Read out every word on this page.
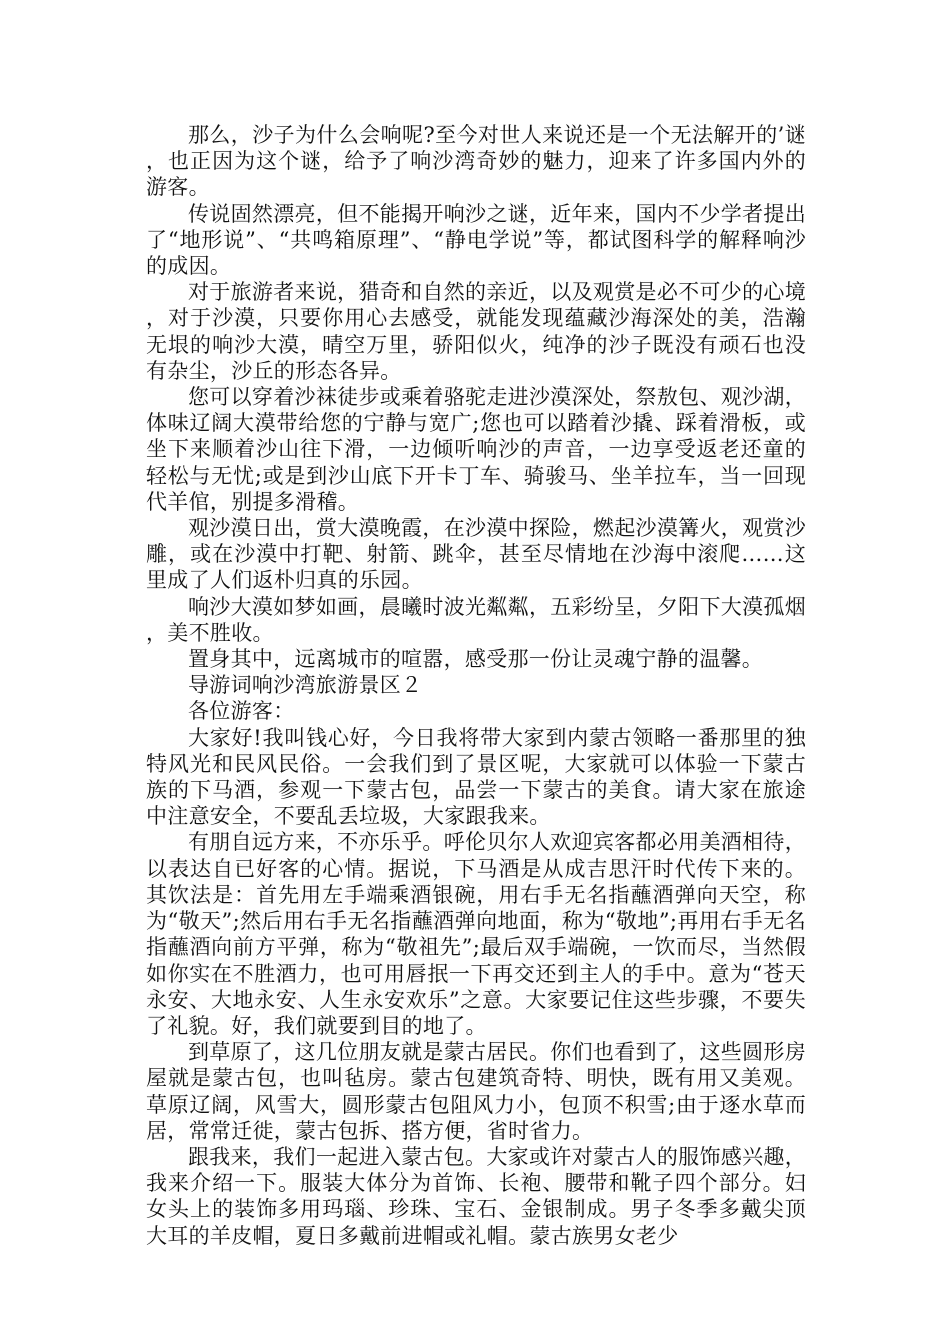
那么，沙子为什么会响呢?至今对世人来说还是一个无法解开的’谜，也正因为这个谜，给予了响沙湾奇妙的魅力，迎来了许多国内外的游客。

传说固然漂亮，但不能揭开响沙之谜，近年来，国内不少学者提出了“地形说”、“共鸣箱原理”、“静电学说”等，都试图科学的解释响沙的成因。

对于旅游者来说，猎奇和自然的亲近，以及观赏是必不可少的心境，对于沙漠，只要你用心去感受，就能发现蕴藏沙海深处的美，浩瀚无垠的响沙大漠，晴空万里，骄阳似火，纯净的沙子既没有顽石也没有杂尘，沙丘的形态各异。

您可以穿着沙袜徒步或乘着骆驼走进沙漠深处，祭敖包、观沙湖，体味辽阔大漠带给您的宁静与宽广;您也可以踏着沙撬、踩着滑板，或坐下来顺着沙山往下滑，一边倾听响沙的声音，一边享受返老还童的轻松与无忧;或是到沙山底下开卡丁车、骑骏马、坐羊拉车，当一回现代羊倌，别提多滑稽。

观沙漠日出，赏大漠晚霞，在沙漠中探险，燃起沙漠篝火，观赏沙雕，或在沙漠中打靶、射箭、跳伞，甚至尽情地在沙海中滚爬……这里成了人们返朴归真的乐园。

响沙大漠如梦如画，晨曦时波光粼粼，五彩纷呈，夕阳下大漠孤烟，美不胜收。

置身其中，远离城市的喧嚣，感受那一份让灵魂宁静的温馨。

导游词响沙湾旅游景区２

各位游客：

大家好!我叫钱心好，今日我将带大家到内蒙古领略一番那里的独特风光和民风民俗。一会我们到了景区呢，大家就可以体验一下蒙古族的下马酒，参观一下蒙古包，品尝一下蒙古的美食。请大家在旅途中注意安全，不要乱丢垃圾，大家跟我来。

有朋自远方来，不亦乐乎。呼伦贝尔人欢迎宾客都必用美酒相待，以表达自已好客的心情。据说，下马酒是从成吉思汗时代传下来的。其饮法是：首先用左手端乘酒银碗，用右手无名指蘸酒弹向天空，称为“敬天”;然后用右手无名指蘸酒弹向地面，称为“敬地”;再用右手无名指蘸酒向前方平弹，称为“敬祖先”;最后双手端碗，一饮而尽，当然假如你实在不胜酒力，也可用唇抿一下再交还到主人的手中。意为“苍天永安、大地永安、人生永安欢乐”之意。大家要记住这些步骤，不要失了礼貌。好，我们就要到目的地了。

到草原了，这几位朋友就是蒙古居民。你们也看到了，这些圆形房屋就是蒙古包，也叫毡房。蒙古包建筑奇特、明快，既有用又美观。草原辽阔，风雪大，圆形蒙古包阻风力小，包顶不积雪;由于逐水草而居，常常迁徙，蒙古包拆、搭方便，省时省力。

跟我来，我们一起进入蒙古包。大家或许对蒙古人的服饰感兴趣，我来介绍一下。服装大体分为首饰、长袍、腰带和靴子四个部分。妇女头上的装饰多用玛瑙、珍珠、宝石、金银制成。男子冬季多戴尖顶大耳的羊皮帽，夏日多戴前进帽或礼帽。蒙古族男女老少
